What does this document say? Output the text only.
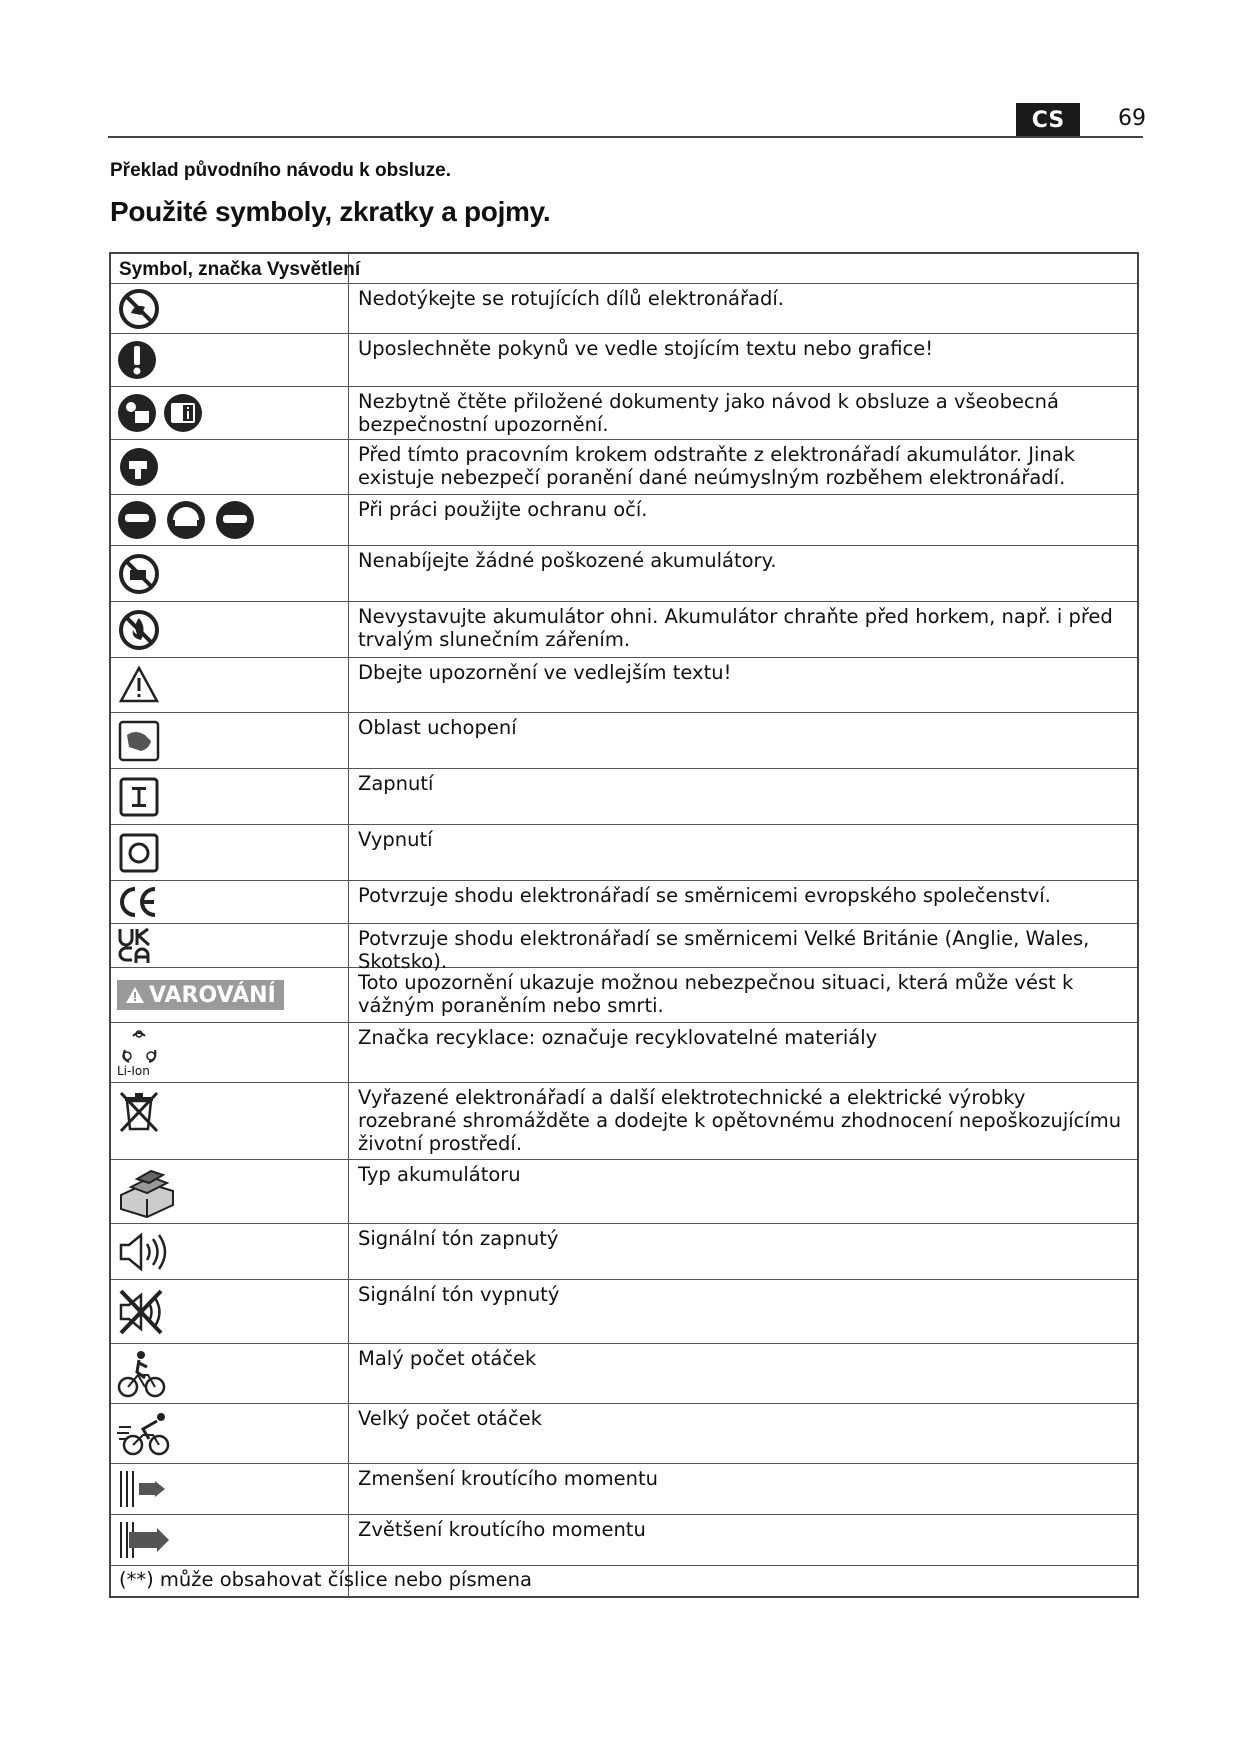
CS	69
Překlad původního návodu k obsluze.
Použité symboly, zkratky a pojmy.
Symbol, značka Vysvětlení
Nedotýkejte se rotujících dílů elektronářadí.
Uposlechněte pokynů ve vedle stojícím textu nebo grafice!
Nezbytně čtěte přiložené dokumenty jako návod k obsluze a všeobecná bezpečnostní upozornění.
Před tímto pracovním krokem odstraňte z elektronářadí akumulátor. Jinak existuje nebezpečí poranění dané neúmyslným rozběhem elektronářadí.
Při práci použijte ochranu očí.
Nenabíjejte žádné poškozené akumulátory.
Nevystavujte akumulátor ohni. Akumulátor chraňte před horkem, např. i před trvalým slunečním zářením.
Dbejte upozornění ve vedlejším textu!
Oblast uchopení
Zapnutí
Vypnutí
Potvrzuje shodu elektronářadí se směrnicemi evropského společenství.
Potvrzuje shodu elektronářadí se směrnicemi Velké Británie (Anglie, Wales, Skotsko).
VAROVÁNÍ	Toto upozornění ukazuje možnou nebezpečnou situaci, která může vést k vážným poraněním nebo smrti.
Li-Ion
Značka recyklace: označuje recyklovatelné materiály
Vyřazené elektronářadí a další elektrotechnické a elektrické výrobky rozebrané shromážděte a dodejte k opětovnému zhodnocení nepoškozujícímu životní prostředí.
Typ akumulátoru
Signální tón zapnutý
Signální tón vypnutý
Malý počet otáček
Velký počet otáček
Zmenšení kroutícího momentu
Zvětšení kroutícího momentu
(**) může obsahovat číslice nebo písmena
